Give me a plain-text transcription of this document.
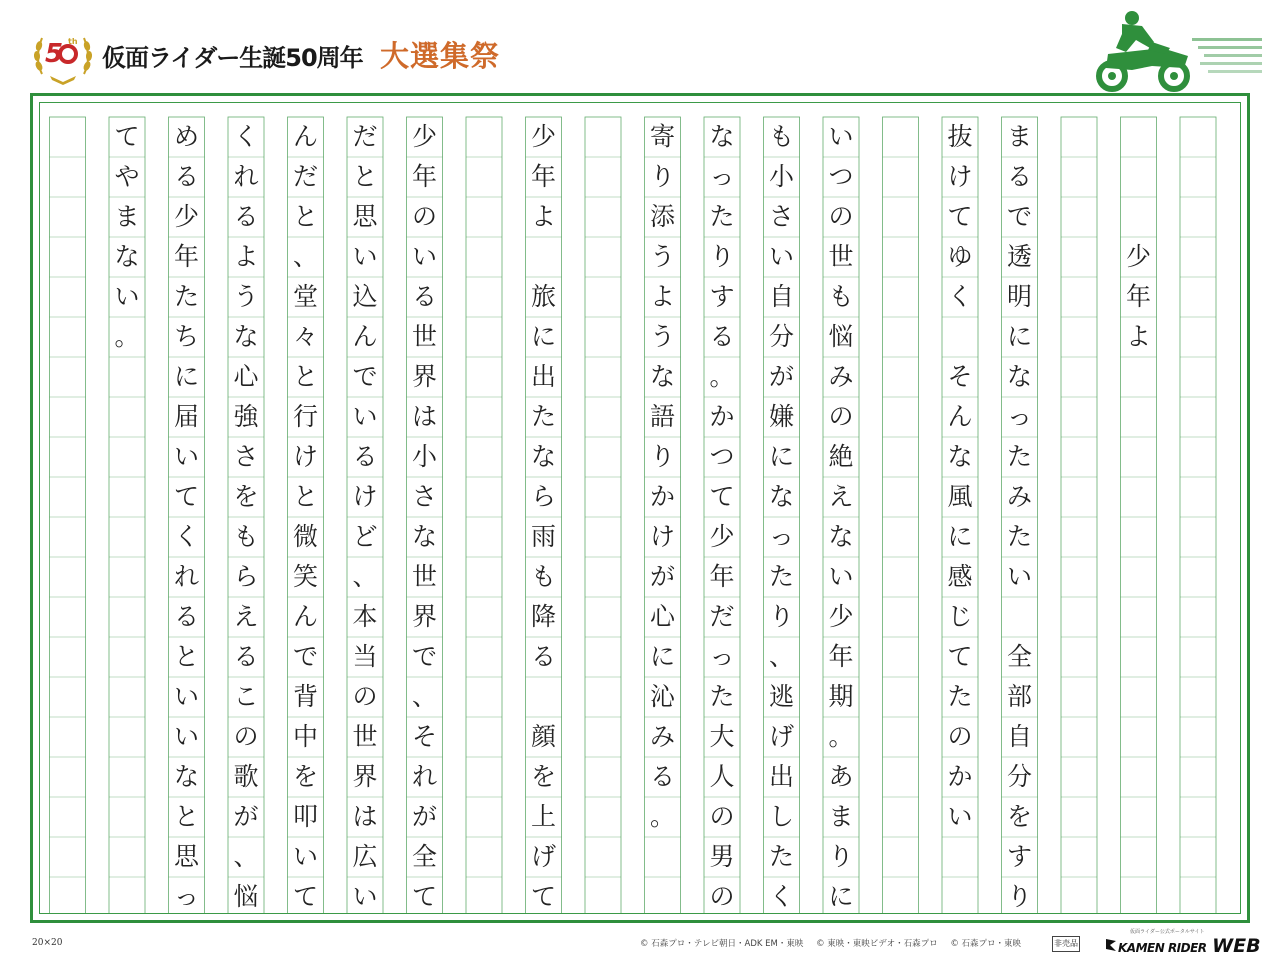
5 th
仮面ライダー生誕50周年 大選集祭
少
年
よ
ま
る
で
透
明
に
な
っ
た
み
た
い
全
部
自
分
を
す
り
抜
け
て
ゆ
く
そ
ん
な
風
に
感
じ
て
た
の
か
い
い
つ
の
世
も
悩
み
の
絶
え
な
い
少
年
期
。
あ
ま
り
に
も
小
さ
い
自
分
が
嫌
に
な
っ
た
り
、
逃
げ
出
し
た
く
な
っ
た
り
す
る
。
か
つ
て
少
年
だ
っ
た
大
人
の
男
の
寄
り
添
う
よ
う
な
語
り
か
け
が
心
に
沁
み
る
。
少
年
よ
旅
に
出
た
な
ら
雨
も
降
る
顔
を
上
げ
て
少
年
の
い
る
世
界
は
小
さ
な
世
界
で
、
そ
れ
が
全
て
だ
と
思
い
込
ん
で
い
る
け
ど
、
本
当
の
世
界
は
広
い
ん
だ
と
、
堂
々
と
行
け
と
微
笑
ん
で
背
中
を
叩
い
て
く
れ
る
よ
う
な
心
強
さ
を
も
ら
え
る
こ
の
歌
が
、
悩
め
る
少
年
た
ち
に
届
い
て
く
れ
る
と
い
い
な
と
思
っ
て
や
ま
な
い
。
20×20	© 石森プロ・テレビ朝日・ADK EM・東映 © 東映・東映ビデオ・石森プロ © 石森プロ・東映	非売品
仮面ライダー公式ポータルサイト
KAMEN RIDER WEB
